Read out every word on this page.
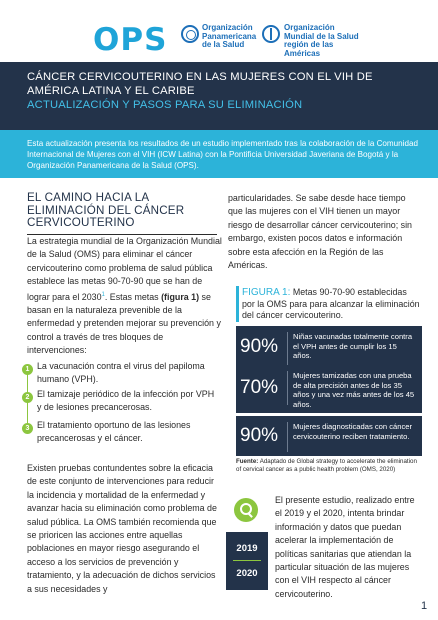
OPS	Organización Panamericana de la Salud
Organización Mundial de la Salud
región de las Américas
CÁNCER CERVICOUTERINO EN LAS MUJERES CON EL VIH DE AMÉRICA LATINA Y EL CARIBE
ACTUALIZACIÓN Y PASOS PARA SU ELIMINACIÓN
Esta actualización presenta los resultados de un estudio implementado tras la colaboración de la Comunidad Internacional de Mujeres con el VIH (ICW Latina) con la Pontificia Universidad Javeriana de Bogotá y la Organización Panamericana de la Salud (OPS).
EL CAMINO HACIA LA ELIMINACIÓN DEL CÁNCER CERVICOUTERINO
La estrategia mundial de la Organización Mundial de la Salud (OMS) para eliminar el cáncer cervicouterino como problema de salud pública establece las metas 90-70-90 que se han de lograr para el 2030$^1$. Estas metas (figura 1) se basan en la naturaleza prevenible de la enfermedad y pretenden mejorar su prevención y control a través de tres bloques de intervenciones:
1 La vacunación contra el virus del papiloma humano (VPH).
2 El tamizaje periódico de la infección por VPH y de lesiones precancerosas.
3 El tratamiento oportuno de las lesiones precancerosas y el cáncer.
Existen pruebas contundentes sobre la eficacia de este conjunto de intervenciones para reducir la incidencia y mortalidad de la enfermedad y avanzar hacia su eliminación como problema de salud pública. La OMS también recomienda que se prioricen las acciones entre aquellas poblaciones en mayor riesgo asegurando el acceso a los servicios de prevención y tratamiento, y la adecuación de dichos servicios a sus necesidades y
particularidades. Se sabe desde hace tiempo que las mujeres con el VIH tienen un mayor riesgo de desarrollar cáncer cervicouterino; sin embargo, existen pocos datos e información sobre esta afección en la Región de las Américas.
FIGURA 1: Metas 90-70-90 establecidas por la OMS para para alcanzar la eliminación del cáncer cervicouterino.
90% Niñas vacunadas totalmente contra el VPH antes de cumplir los 15 años.
70%
Mujeres tamizadas con una prueba de alta precisión antes de los 35 años y una vez más antes de los 45 años.
90% Mujeres diagnosticadas con cáncer cervicouterino reciben tratamiento.
Fuente: Adaptado de Global strategy to accelerate the elimination of cervical cancer as a public health problem (OMS, 2020)
2019
2020
El presente estudio, realizado entre el 2019 y el 2020, intenta brindar información y datos que puedan acelerar la implementación de políticas sanitarias que atiendan la particular situación de las mujeres con el VIH respecto al cáncer cervicouterino.
1
